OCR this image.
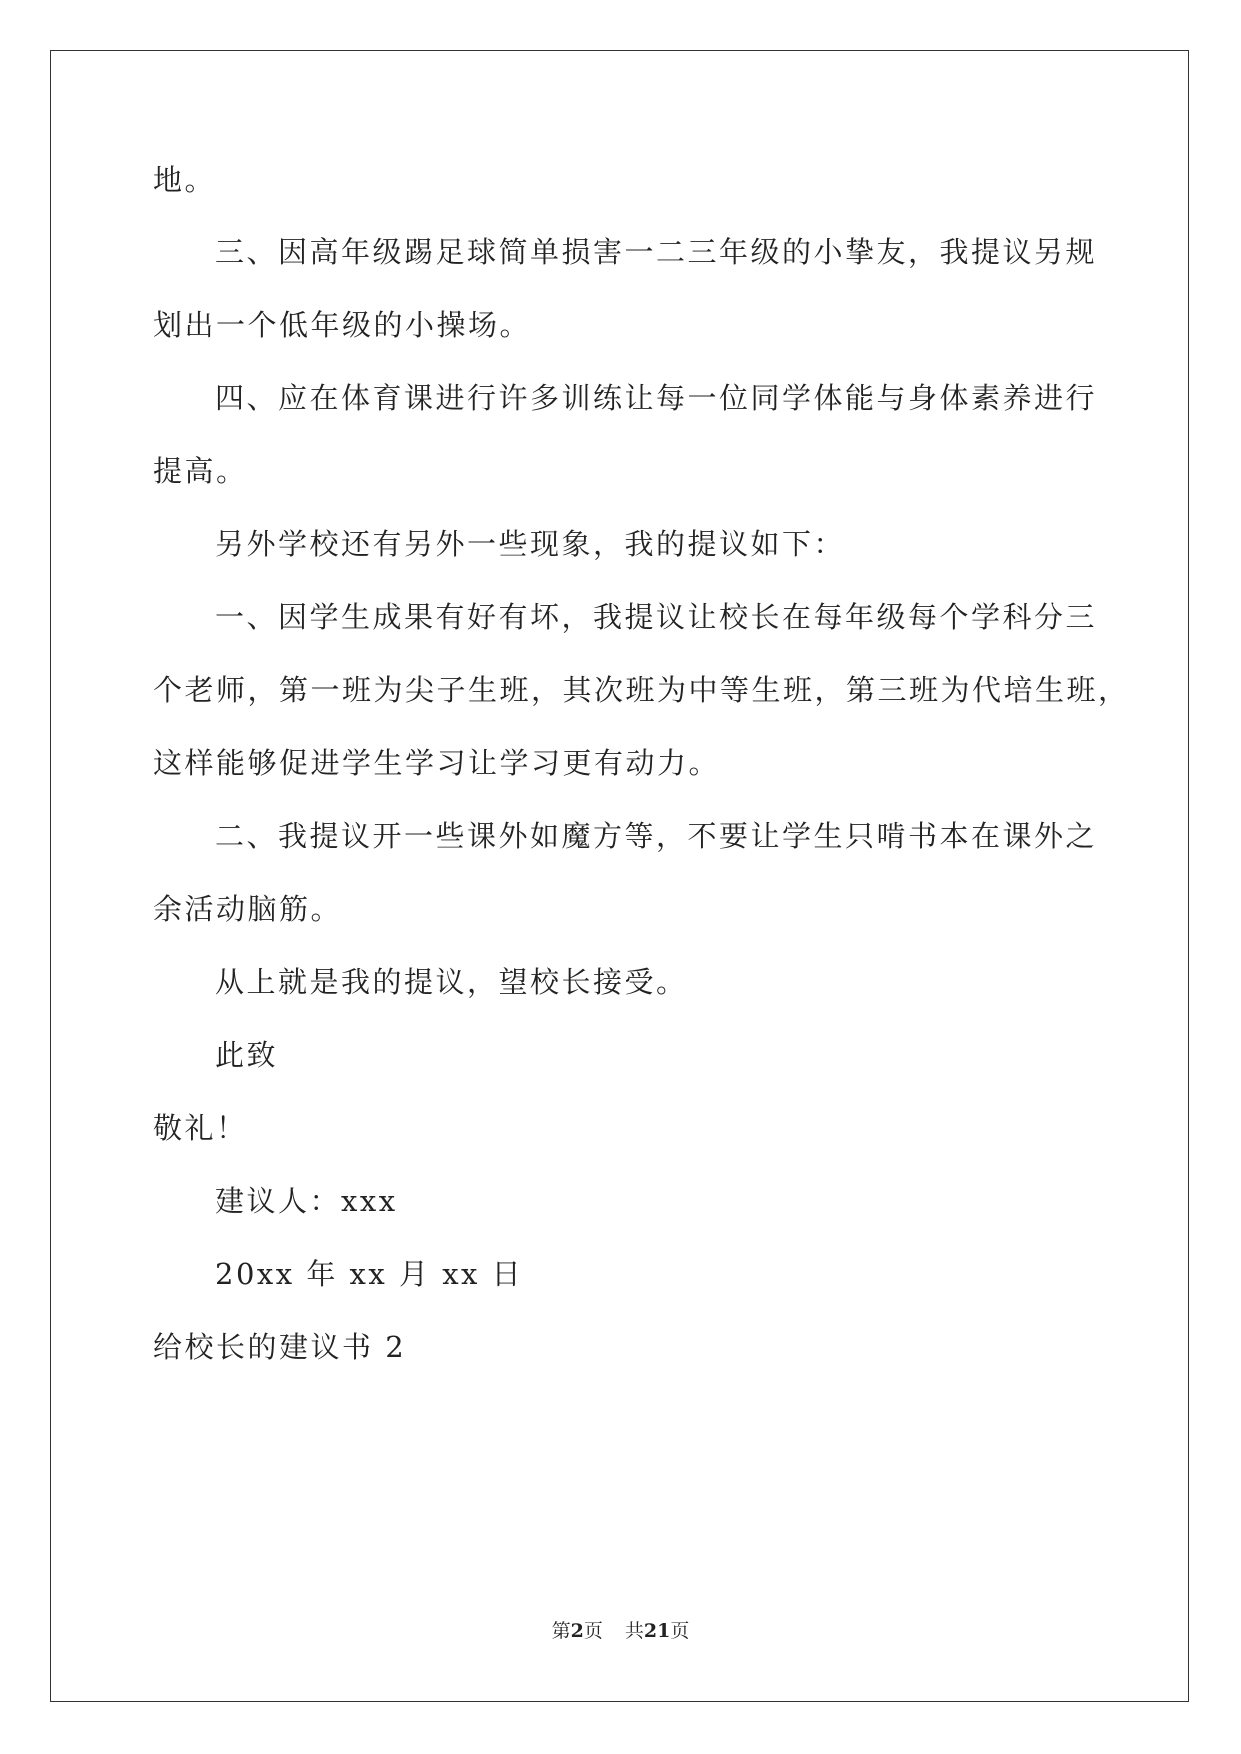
地。
三、因高年级踢足球简单损害一二三年级的小挚友，我提议另规
划出一个低年级的小操场。
四、应在体育课进行许多训练让每一位同学体能与身体素养进行
提高。
另外学校还有另外一些现象，我的提议如下：
一、因学生成果有好有坏，我提议让校长在每年级每个学科分三
个老师，第一班为尖子生班，其次班为中等生班，第三班为代培生班，
这样能够促进学生学习让学习更有动力。
二、我提议开一些课外如魔方等，不要让学生只啃书本在课外之
余活动脑筋。
从上就是我的提议，望校长接受。
此致
敬礼！
建议人：xxx
20xx 年 xx 月 xx 日
给校长的建议书 2
第2页 共21页
